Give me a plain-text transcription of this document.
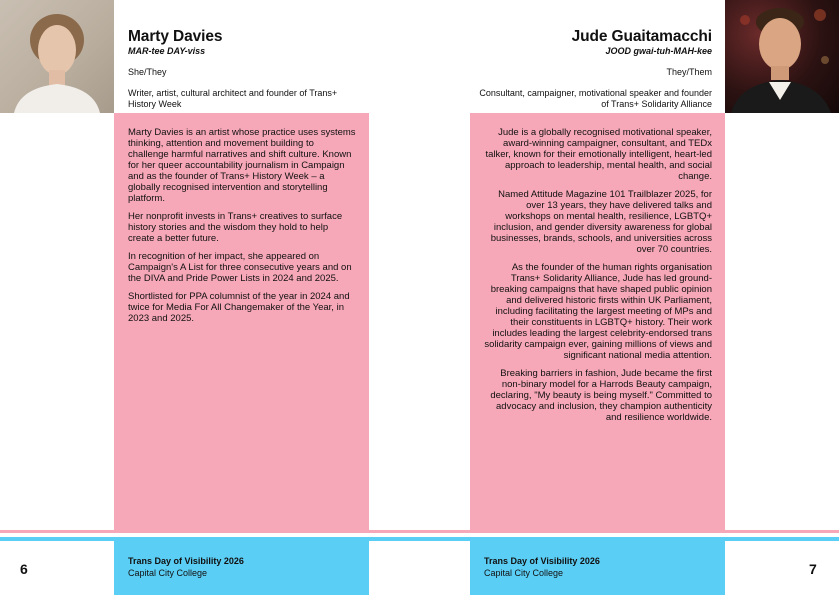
Marty Davies
MAR-tee DAY-viss
She/They
Writer, artist, cultural architect and founder of Trans+ History Week

Marty Davies is an artist whose practice uses systems thinking, attention and movement building to challenge harmful narratives and shift culture. Known for her queer accountability journalism in Campaign and as the founder of Trans+ History Week – a globally recognised intervention and storytelling platform.

Her nonprofit invests in Trans+ creatives to surface history stories and the wisdom they hold to help create a better future.

In recognition of her impact, she appeared on Campaign's A List for three consecutive years and on the DIVA and Pride Power Lists in 2024 and 2025.

Shortlisted for PPA columnist of the year in 2024 and twice for Media For All Changemaker of the Year, in 2023 and 2025.

Jude Guaitamacchi
JOOD gwai-tuh-MAH-kee
They/Them
Consultant, campaigner, motivational speaker and founder of Trans+ Solidarity Alliance

Jude is a globally recognised motivational speaker, award-winning campaigner, consultant, and TEDx talker, known for their emotionally intelligent, heart-led approach to leadership, mental health, and social change.

Named Attitude Magazine 101 Trailblazer 2025, for over 13 years, they have delivered talks and workshops on mental health, resilience, LGBTQ+ inclusion, and gender diversity awareness for global businesses, brands, schools, and universities across over 70 countries.

As the founder of the human rights organisation Trans+ Solidarity Alliance, Jude has led ground-breaking campaigns that have shaped public opinion and delivered historic firsts within UK Parliament, including facilitating the largest meeting of MPs and their constituents in LGBTQ+ history. Their work includes leading the largest celebrity-endorsed trans solidarity campaign ever, gaining millions of views and significant national media attention.

Breaking barriers in fashion, Jude became the first non-binary model for a Harrods Beauty campaign, declaring, "My beauty is being myself." Committed to advocacy and inclusion, they champion authenticity and resilience worldwide.

Trans Day of Visibility 2026
Capital City College
Trans Day of Visibility 2026
Capital City College
6	7
